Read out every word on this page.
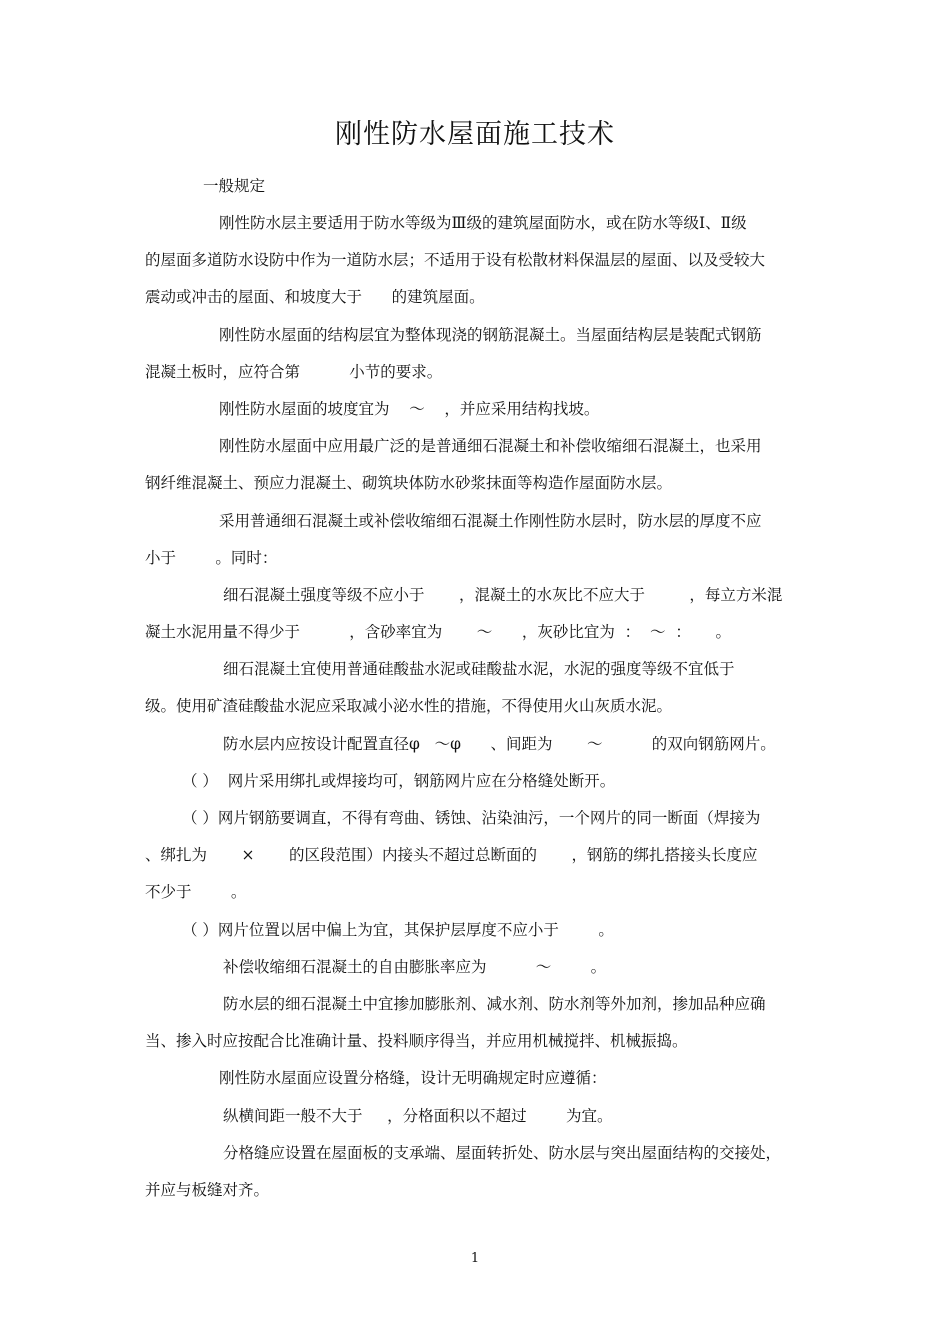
刚性防水屋面施工技术
一般规定
刚性防水层主要适用于防水等级为Ⅲ级的建筑屋面防水，或在防水等级Ⅰ、Ⅱ级
的屋面多道防水设防中作为一道防水层；不适用于设有松散材料保温层的屋面、以及受较大
震动或冲击的屋面、和坡度大于      的建筑屋面。
刚性防水屋面的结构层宜为整体现浇的钢筋混凝土。当屋面结构层是装配式钢筋
混凝土板时，应符合第          小节的要求。
刚性防水屋面的坡度宜为    ～    ，并应采用结构找坡。
刚性防水屋面中应用最广泛的是普通细石混凝土和补偿收缩细石混凝土，也采用
钢纤维混凝土、预应力混凝土、砌筑块体防水砂浆抹面等构造作屋面防水层。
采用普通细石混凝土或补偿收缩细石混凝土作刚性防水层时，防水层的厚度不应
小于        。同时：
细石混凝土强度等级不应小于       ，混凝土的水灰比不应大于         ，每立方米混
凝土水泥用量不得少于          ，含砂率宜为       ～      ，灰砂比宜为  ：  ～  ：     。
细石混凝土宜使用普通硅酸盐水泥或硅酸盐水泥，水泥的强度等级不宜低于
级。使用矿渣硅酸盐水泥应采取减小泌水性的措施，不得使用火山灰质水泥。
防水层内应按设计配置直径φ   ～φ      、间距为       ～          的双向钢筋网片。
（ ）  网片采用绑扎或焊接均可，钢筋网片应在分格缝处断开。
（ ）网片钢筋要调直，不得有弯曲、锈蚀、沾染油污，一个网片的同一断面（焊接为
、绑扎为       ×       的区段范围）内接头不超过总断面的       ，钢筋的绑扎搭接头长度应
不少于        。
（ ）网片位置以居中偏上为宜，其保护层厚度不应小于        。
补偿收缩细石混凝土的自由膨胀率应为          ～        。
防水层的细石混凝土中宜掺加膨胀剂、减水剂、防水剂等外加剂，掺加品种应确
当、掺入时应按配合比准确计量、投料顺序得当，并应用机械搅拌、机械振捣。
刚性防水屋面应设置分格缝，设计无明确规定时应遵循：
纵横间距一般不大于     ，分格面积以不超过        为宜。
分格缝应设置在屋面板的支承端、屋面转折处、防水层与突出屋面结构的交接处，
并应与板缝对齐。
1
